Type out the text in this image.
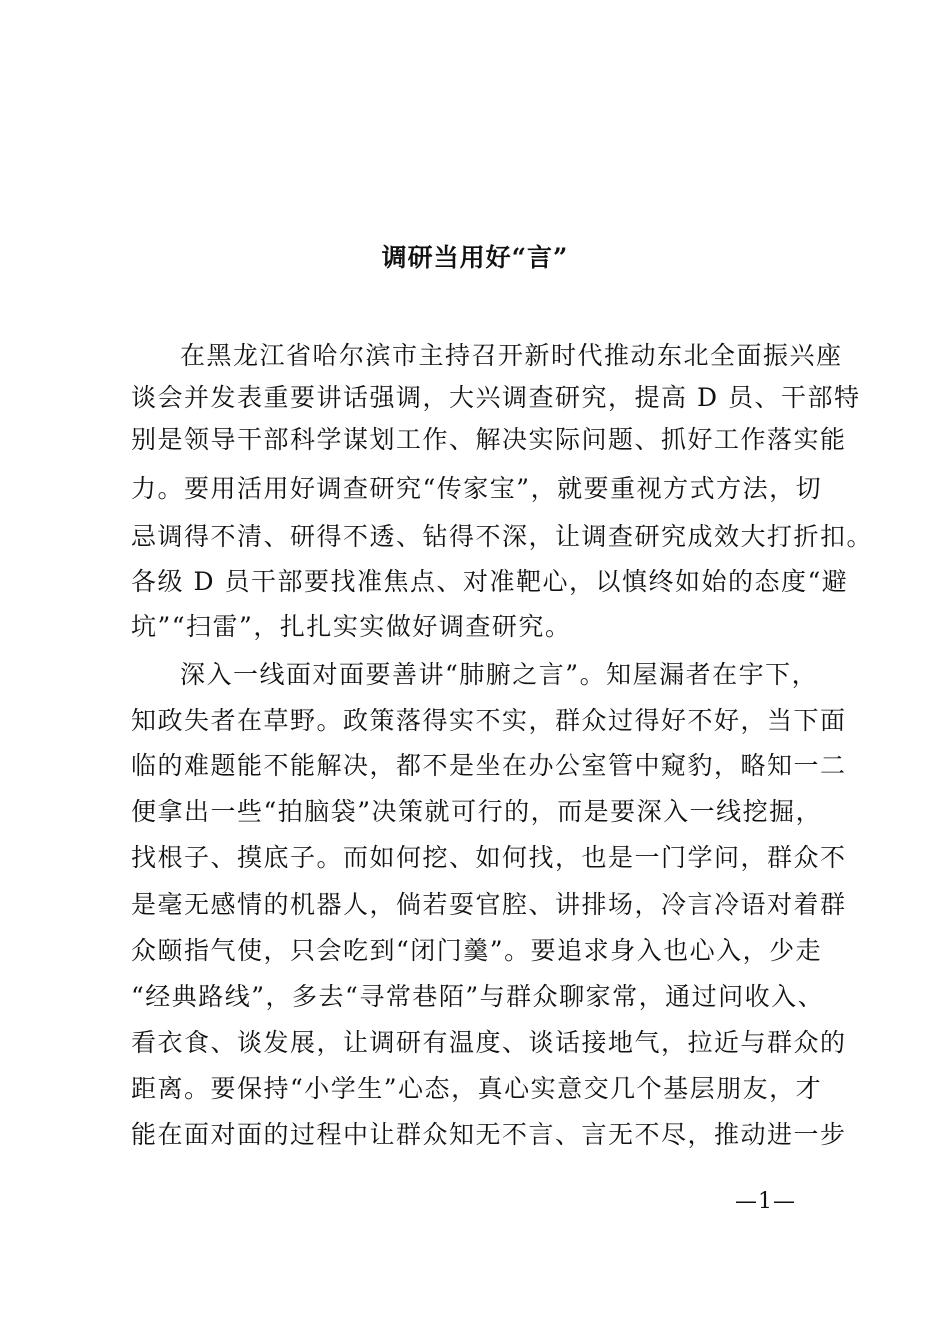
调研当用好“言”
在黑龙江省哈尔滨市主持召开新时代推动东北全面振兴座
谈会并发表重要讲话强调，大兴调查研究，提高 D 员、干部特
别是领导干部科学谋划工作、解决实际问题、抓好工作落实能
力。要用活用好调查研究“传家宝”，就要重视方式方法，切
忌调得不清、研得不透、钻得不深，让调查研究成效大打折扣。
各级 D 员干部要找准焦点、对准靶心，以慎终如始的态度“避
坑”“扫雷”，扎扎实实做好调查研究。
深入一线面对面要善讲“肺腑之言”。知屋漏者在宇下，
知政失者在草野。政策落得实不实，群众过得好不好，当下面
临的难题能不能解决，都不是坐在办公室管中窥豹，略知一二
便拿出一些“拍脑袋”决策就可行的，而是要深入一线挖掘，
找根子、摸底子。而如何挖、如何找，也是一门学问，群众不
是毫无感情的机器人，倘若耍官腔、讲排场，冷言冷语对着群
众颐指气使，只会吃到“闭门羹”。要追求身入也心入，少走
“经典路线”，多去“寻常巷陌”与群众聊家常，通过问收入、
看衣食、谈发展，让调研有温度、谈话接地气，拉近与群众的
距离。要保持“小学生”心态，真心实意交几个基层朋友，才
能在面对面的过程中让群众知无不言、言无不尽，推动进一步
—1—
